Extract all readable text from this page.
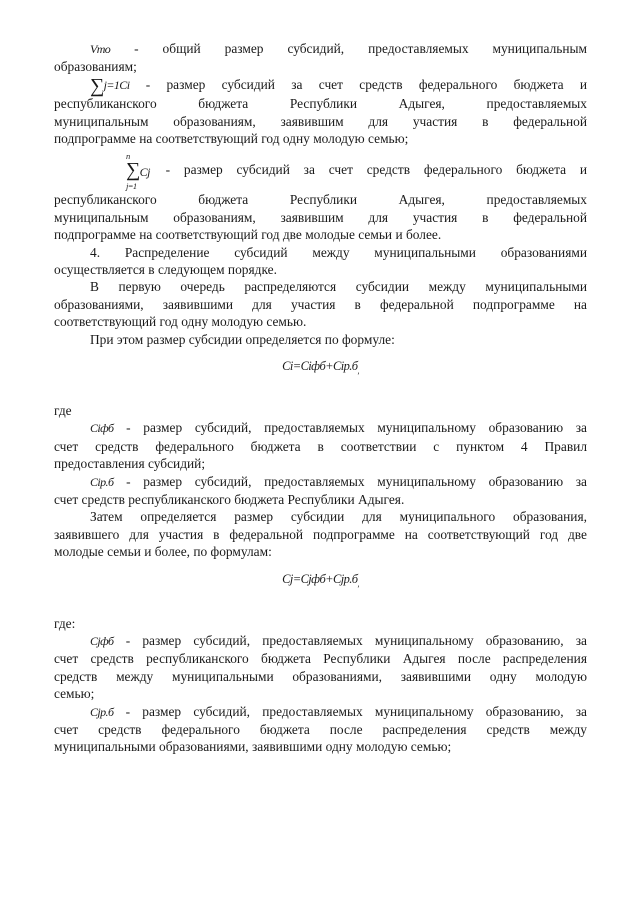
Vmo - общий размер субсидий, предоставляемых муниципальным

образованиям;

∑j=1Ci - размер субсидий за счет средств федерального бюджета и

республиканского бюджета Республики Адыгея, предоставляемых

муниципальным образованиям, заявившим для участия в федеральной

подпрограмме на соответствующий год одну молодую семью;

n
∑Cj
j=1
- размер субсидий за счет средств федерального бюджета и

республиканского бюджета Республики Адыгея, предоставляемых

муниципальным образованиям, заявившим для участия в федеральной

подпрограмме на соответствующий год две молодые семьи и более.

4. Распределение субсидий между муниципальными образованиями

осуществляется в следующем порядке.

В первую очередь распределяются субсидии между муниципальными

образованиями, заявившими для участия в федеральной подпрограмме на

соответствующий год одну молодую семью.

При этом размер субсидии определяется по формуле:

$Ci=Ciфб+Ciр.б_,$

где

Ciфб - размер субсидий, предоставляемых муниципальному образованию за

счет средств федерального бюджета в соответствии с пунктом 4 Правил

предоставления субсидий;

Ciр.б - размер субсидий, предоставляемых муниципальному образованию за

счет средств республиканского бюджета Республики Адыгея.

Затем определяется размер субсидии для муниципального образования,

заявившего для участия в федеральной подпрограмме на соответствующий год две

молодые семьи и более, по формулам:

$Cj=Cjфб+Cjр.б_,$

где:

Cjфб - размер субсидий, предоставляемых муниципальному образованию, за

счет средств республиканского бюджета Республики Адыгея после распределения

средств между муниципальными образованиями, заявившими одну молодую

семью;

Cjр.б - размер субсидий, предоставляемых муниципальному образованию, за

счет средств федерального бюджета после распределения средств между

муниципальными образованиями, заявившими одну молодую семью;
